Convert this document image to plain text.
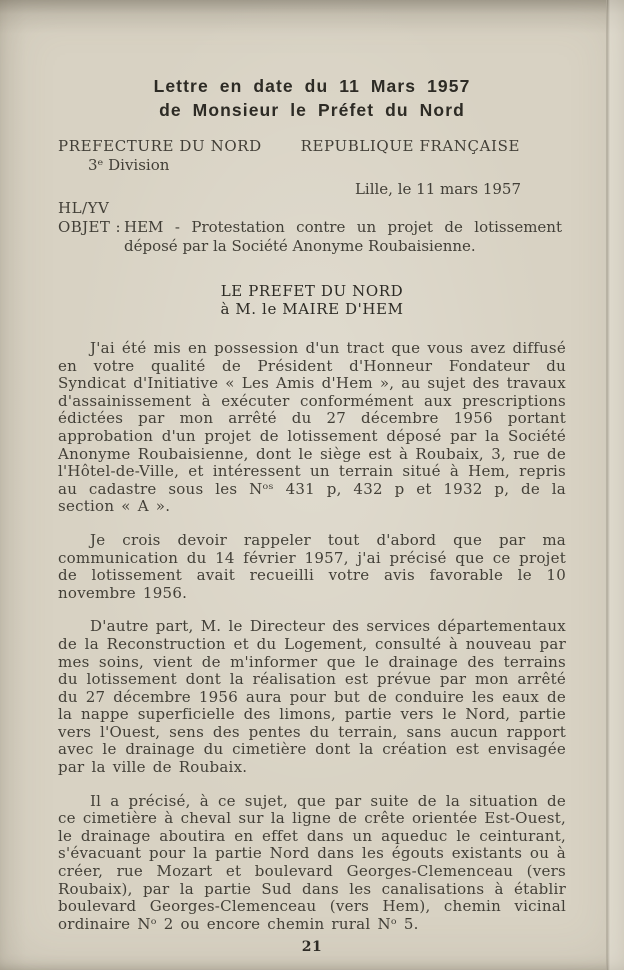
Lettre en date du 11 Mars 1957
de Monsieur le Préfet du Nord
PREFECTURE DU NORD	REPUBLIQUE FRANÇAISE
3ᵉ Division
Lille, le 11 mars 1957
HL/YV
OBJET : HEM - Protestation contre un projet de lotissement déposé par la Société Anonyme Roubaisienne.
LE PREFET DU NORD
à M. le MAIRE D'HEM

J'ai été mis en possession d'un tract que vous avez diffusé en votre qualité de Président d'Honneur Fondateur du Syndicat d'Initiative « Les Amis d'Hem », au sujet des travaux d'assainissement à exécuter conformément aux prescriptions édictées par mon arrêté du 27 décembre 1956 portant approbation d'un projet de lotissement déposé par la Société Anonyme Roubaisienne, dont le siège est à Roubaix, 3, rue de l'Hôtel-de-Ville, et intéressent un terrain situé à Hem, repris au cadastre sous les Nᵒˢ 431 p, 432 p et 1932 p, de la section « A ».

Je crois devoir rappeler tout d'abord que par ma communication du 14 février 1957, j'ai précisé que ce projet de lotissement avait recueilli votre avis favorable le 10 novembre 1956.

D'autre part, M. le Directeur des services départementaux de la Reconstruction et du Logement, consulté à nouveau par mes soins, vient de m'informer que le drainage des terrains du lotissement dont la réalisation est prévue par mon arrêté du 27 décembre 1956 aura pour but de conduire les eaux de la nappe superficielle des limons, partie vers le Nord, partie vers l'Ouest, sens des pentes du terrain, sans aucun rapport avec le drainage du cimetière dont la création est envisagée par la ville de Roubaix.

Il a précisé, à ce sujet, que par suite de la situation de ce cimetière à cheval sur la ligne de crête orientée Est-Ouest, le drainage aboutira en effet dans un aqueduc le ceinturant, s'évacuant pour la partie Nord dans les égouts existants ou à créer, rue Mozart et boulevard Georges-Clemenceau (vers Roubaix), par la partie Sud dans les canalisations à établir boulevard Georges-Clemenceau (vers Hem), chemin vicinal ordinaire Nᵒ 2 ou encore chemin rural Nᵒ 5.

21
